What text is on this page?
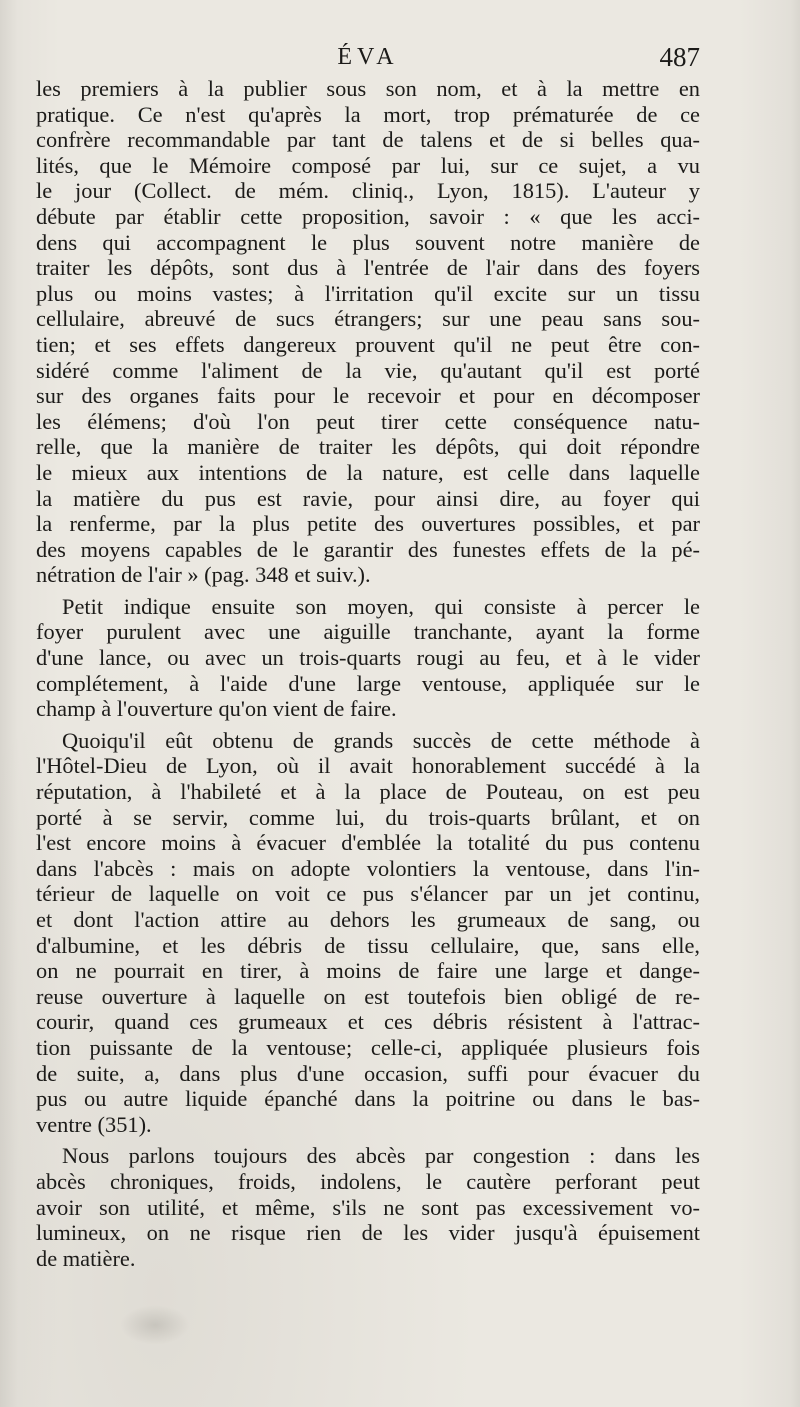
ÉVA	487
les premiers à la publier sous son nom, et à la mettre en
pratique. Ce n'est qu'après la mort, trop prématurée de ce
confrère recommandable par tant de talens et de si belles qua-
lités, que le Mémoire composé par lui, sur ce sujet, a vu
le jour (Collect. de mém. cliniq., Lyon, 1815). L'auteur y
débute par établir cette proposition, savoir : « que les acci-
dens qui accompagnent le plus souvent notre manière de
traiter les dépôts, sont dus à l'entrée de l'air dans des foyers
plus ou moins vastes; à l'irritation qu'il excite sur un tissu
cellulaire, abreuvé de sucs étrangers; sur une peau sans sou-
tien; et ses effets dangereux prouvent qu'il ne peut être con-
sidéré comme l'aliment de la vie, qu'autant qu'il est porté
sur des organes faits pour le recevoir et pour en décomposer
les élémens; d'où l'on peut tirer cette conséquence natu-
relle, que la manière de traiter les dépôts, qui doit répondre
le mieux aux intentions de la nature, est celle dans laquelle
la matière du pus est ravie, pour ainsi dire, au foyer qui
la renferme, par la plus petite des ouvertures possibles, et par
des moyens capables de le garantir des funestes effets de la pé-
nétration de l'air » (pag. 348 et suiv.).
Petit indique ensuite son moyen, qui consiste à percer le
foyer purulent avec une aiguille tranchante, ayant la forme
d'une lance, ou avec un trois-quarts rougi au feu, et à le vider
complétement, à l'aide d'une large ventouse, appliquée sur le
champ à l'ouverture qu'on vient de faire.
Quoiqu'il eût obtenu de grands succès de cette méthode à
l'Hôtel-Dieu de Lyon, où il avait honorablement succédé à la
réputation, à l'habileté et à la place de Pouteau, on est peu
porté à se servir, comme lui, du trois-quarts brûlant, et on
l'est encore moins à évacuer d'emblée la totalité du pus contenu
dans l'abcès : mais on adopte volontiers la ventouse, dans l'in-
térieur de laquelle on voit ce pus s'élancer par un jet continu,
et dont l'action attire au dehors les grumeaux de sang, ou
d'albumine, et les débris de tissu cellulaire, que, sans elle,
on ne pourrait en tirer, à moins de faire une large et dange-
reuse ouverture à laquelle on est toutefois bien obligé de re-
courir, quand ces grumeaux et ces débris résistent à l'attrac-
tion puissante de la ventouse; celle-ci, appliquée plusieurs fois
de suite, a, dans plus d'une occasion, suffi pour évacuer du
pus ou autre liquide épanché dans la poitrine ou dans le bas-
ventre (351).
Nous parlons toujours des abcès par congestion : dans les
abcès chroniques, froids, indolens, le cautère perforant peut
avoir son utilité, et même, s'ils ne sont pas excessivement vo-
lumineux, on ne risque rien de les vider jusqu'à épuisement
de matière.
